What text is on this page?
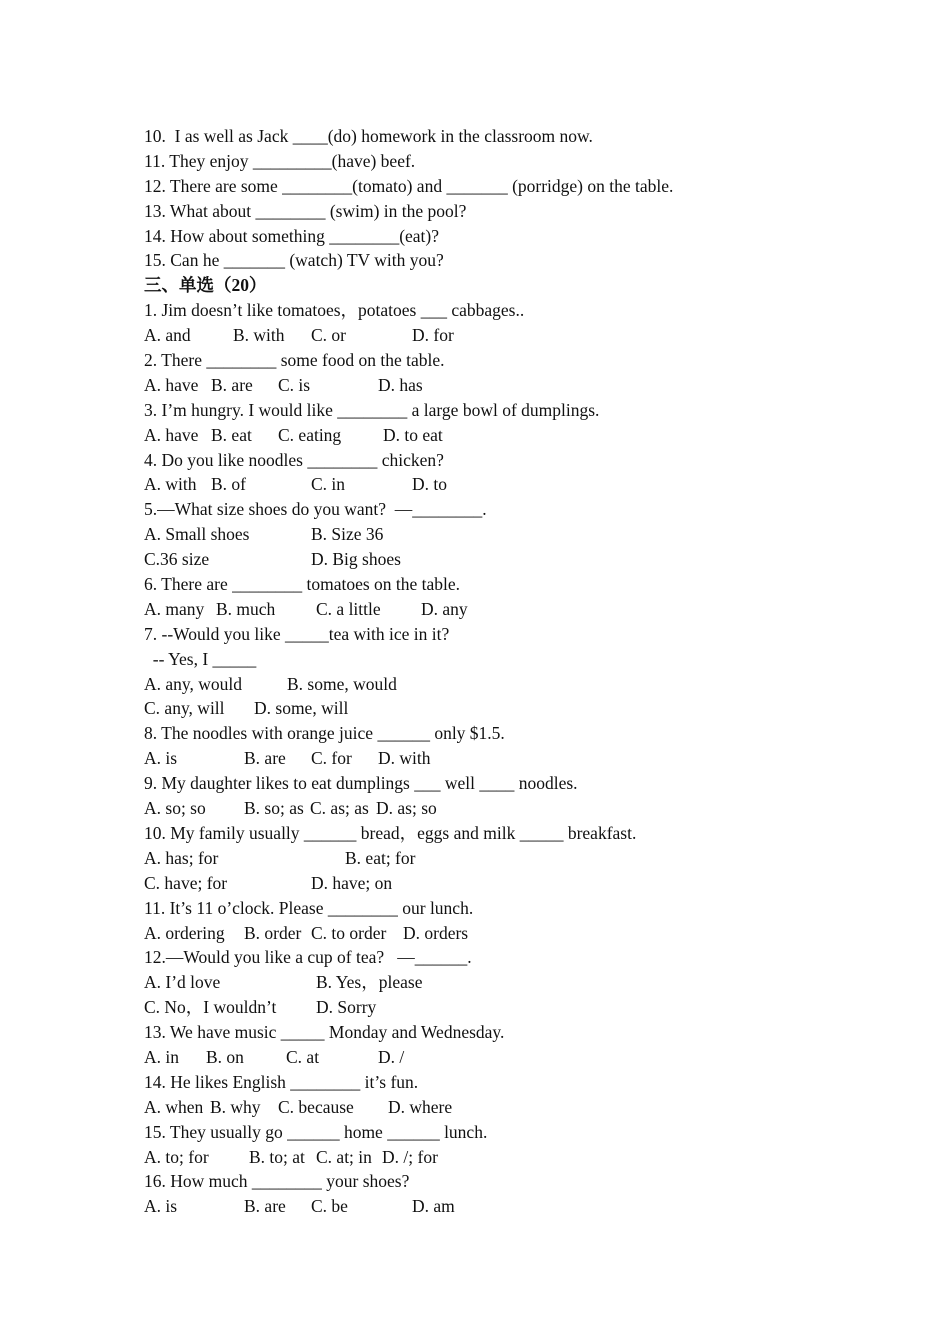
10.  I as well as Jack ____(do) homework in the classroom now.
11. They enjoy _________(have) beef.
12. There are some ________(tomato) and _______ (porridge) on the table.
13. What about ________ (swim) in the pool?
14. How about something ________(eat)?
15. Can he _______ (watch) TV with you?
三、单选（20）
1. Jim doesn’t like tomatoes，potatoes ___ cabbages..

A. and

B. with

C. or

	D. for

2. There ________ some food on the table.

A. have

B. are

C. is

	D. has

3. I’m hungry. I would like ________ a large bowl of dumplings.

A. have

B. eat

C. eating

D. to eat

4. Do you like noodles ________ chicken?

A. with

B. of

	C. in

	D. to

5.—What size shoes do you want?  —________.

A. Small shoes

	B. Size 36

C.36 size

	D. Big shoes

6. There are ________ tomatoes on the table.

A. many

B. much

C. a little

D. any

7. --Would you like _____tea with ice in it?
-- Yes, I _____

A. any, would

	B. some, would

C. any, will

D. some, will

8. The noodles with orange juice ______ only $1.5.

A. is

	B. are

C. for

D. with

9. My daughter likes to eat dumplings ___ well ____ noodles.

A. so; so

B. so; as

C. as; as

D. as; so

10. My family usually ______ bread，eggs and milk _____ breakfast.

A. has; for

	B. eat; for

C. have; for

	D. have; on

11. It’s 11 o’clock. Please ________ our lunch.

A. ordering

B. order

C. to order

D. orders

12.—Would you like a cup of tea?   —______.

A. I’d love

	B. Yes，please

C. No，I wouldn’t

D. Sorry

13. We have music _____ Monday and Wednesday.

A. in

B. on

C. at

	D. /

14. He likes English ________ it’s fun.

A. when

B. why

C. because

D. where

15. They usually go ______ home ______ lunch.

A. to; for

B. to; at

C. at; in

D. /; for

16. How much ________ your shoes?

A. is

	B. are

C. be

	D. am
